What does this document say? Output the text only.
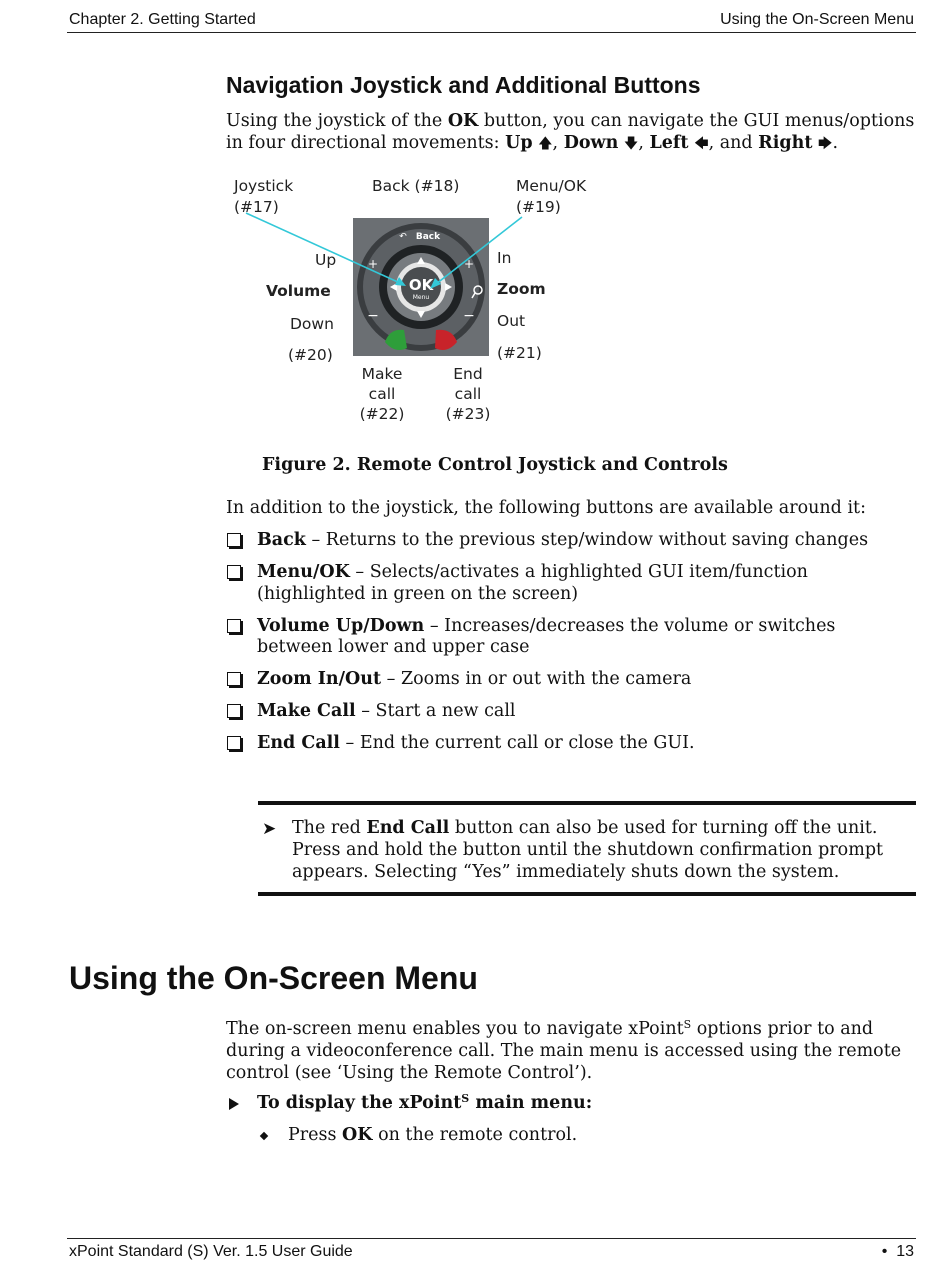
Chapter 2. Getting Started	Using the On-Screen Menu
Navigation Joystick and Additional Buttons

Using the joystick of the OK button, you can navigate the GUI menus/options in four directional movements: Up 🡅, Down 🡇, Left 🡄, and Right 🡆.

Joystick
(#17)
Back (#18)	Menu/OK
(#19)
Up
Volume
Down
(#20)
In
Zoom
Out
(#21)
Make
call
(#22)
End
call
(#23)
OK
Menu
Back
↶
+
−
+
−

Figure 2. Remote Control Joystick and Controls

In addition to the joystick, the following buttons are available around it:

Back – Returns to the previous step/window without saving changes
Menu/OK – Selects/activates a highlighted GUI item/function (highlighted in green on the screen)
Volume Up/Down – Increases/decreases the volume or switches between lower and upper case
Zoom In/Out – Zooms in or out with the camera
Make Call – Start a new call
End Call – End the current call or close the GUI.
➤ The red End Call button can also be used for turning off the unit. Press and hold the button until the shutdown confirmation prompt appears. Selecting “Yes” immediately shuts down the system.

Using the On-Screen Menu

The on-screen menu enables you to navigate xPoint$^S$ options prior to and during a videoconference call. The main menu is accessed using the remote control (see ‘Using the Remote Control’).

To display the xPoint$^S$ main menu:

Press OK on the remote control.

xPoint Standard (S) Ver. 1.5 User Guide	• 13
